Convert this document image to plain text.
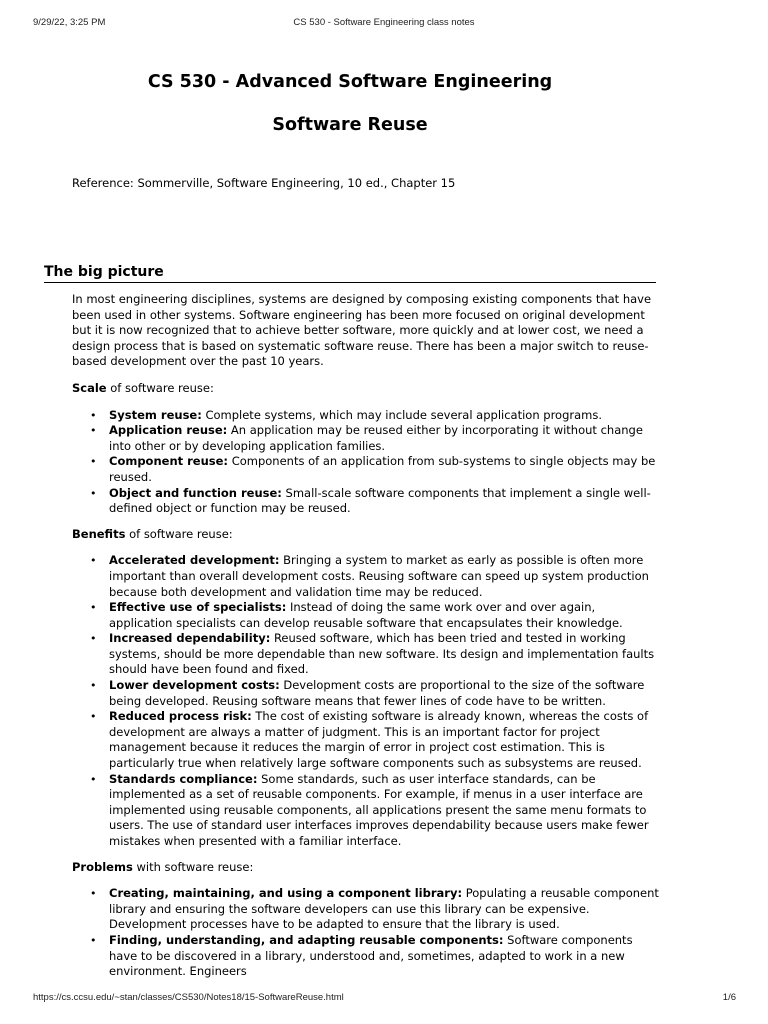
9/29/22, 3:25 PM	CS 530 - Software Engineering class notes
CS 530 - Advanced Software Engineering
Software Reuse

Reference: Sommerville, Software Engineering, 10 ed., Chapter 15

The big picture

In most engineering disciplines, systems are designed by composing existing components that have been used in other systems. Software engineering has been more focused on original development but it is now recognized that to achieve better software, more quickly and at lower cost, we need a design process that is based on systematic software reuse. There has been a major switch to reuse-based development over the past 10 years.

Scale of software reuse:

• System reuse: Complete systems, which may include several application programs.
• Application reuse: An application may be reused either by incorporating it without change into other or by developing application families.
• Component reuse: Components of an application from sub-systems to single objects may be reused.
• Object and function reuse: Small-scale software components that implement a single well-defined object or function may be reused.

Benefits of software reuse:

• Accelerated development: Bringing a system to market as early as possible is often more important than overall development costs. Reusing software can speed up system production because both development and validation time may be reduced.
• Effective use of specialists: Instead of doing the same work over and over again, application specialists can develop reusable software that encapsulates their knowledge.
• Increased dependability: Reused software, which has been tried and tested in working systems, should be more dependable than new software. Its design and implementation faults should have been found and fixed.
• Lower development costs: Development costs are proportional to the size of the software being developed. Reusing software means that fewer lines of code have to be written.
• Reduced process risk: The cost of existing software is already known, whereas the costs of development are always a matter of judgment. This is an important factor for project management because it reduces the margin of error in project cost estimation. This is particularly true when relatively large software components such as subsystems are reused.
• Standards compliance: Some standards, such as user interface standards, can be implemented as a set of reusable components. For example, if menus in a user interface are implemented using reusable components, all applications present the same menu formats to users. The use of standard user interfaces improves dependability because users make fewer mistakes when presented with a familiar interface.

Problems with software reuse:

• Creating, maintaining, and using a component library: Populating a reusable component library and ensuring the software developers can use this library can be expensive. Development processes have to be adapted to ensure that the library is used.
• Finding, understanding, and adapting reusable components: Software components have to be discovered in a library, understood and, sometimes, adapted to work in a new environment. Engineers
https://cs.ccsu.edu/~stan/classes/CS530/Notes18/15-SoftwareReuse.html	1/6
